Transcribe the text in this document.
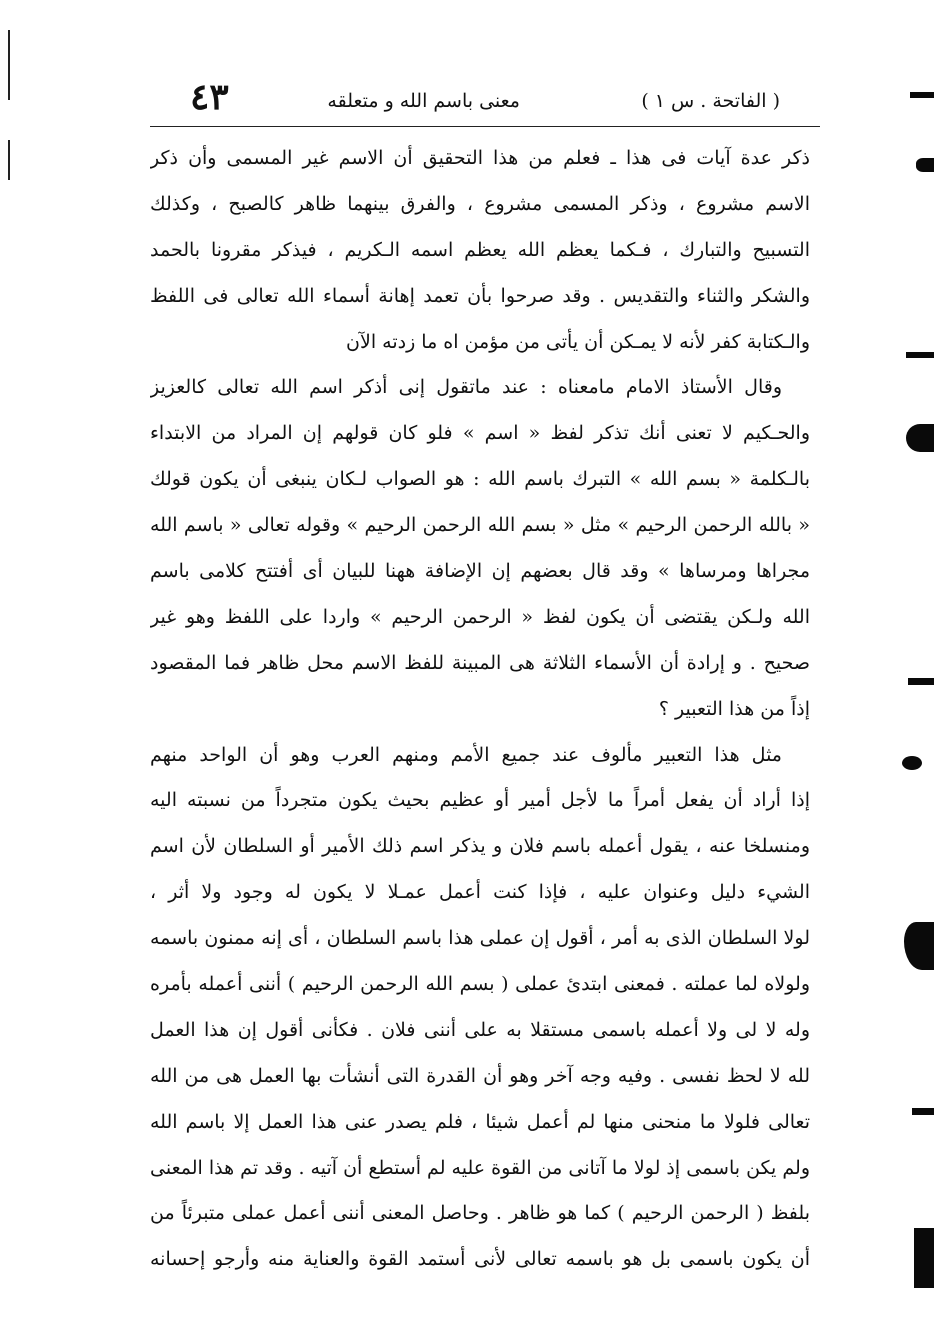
( الفاتحة . س ١ )
معنى باسم الله و متعلقه
٤٣
ذكر عدة آيات فى هذا ـ فعلم من هذا التحقيق أن الاسم غير المسمى وأن ذكر
الاسم مشروع ، وذكر المسمى مشروع ، والفرق بينهما ظاهر كالصبح ، وكذلك
التسبيح والتبارك ، فـكما يعظم الله يعظم اسمه الـكريم ، فيذكر مقرونا بالحمد
والشكر والثناء والتقديس . وقد صرحوا بأن تعمد إهانة أسماء الله تعالى فى اللفظ
والـكتابة كفر لأنه لا يمـكن أن يأتى من مؤمن اه ما زدته الآن
وقال الأستاذ الامام مامعناه : عند ماتقول إنى أذكر اسم الله تعالى كالعزيز
والحـكيم لا تعنى أنك تذكر لفظ « اسم » فلو كان قولهم إن المراد من الابتداء
بالـكلمة « بسم الله » التبرك باسم الله : هو الصواب لـكان ينبغى أن يكون قولك
« بالله الرحمن الرحيم » مثل « بسم الله الرحمن الرحيم » وقوله تعالى « باسم الله
مجراها ومرساها » وقد قال بعضهم إن الإضافة ههنا للبيان أى أفتتح كلامى باسم
الله ولـكن يقتضى أن يكون لفظ « الرحمن الرحيم » واردا على اللفظ وهو غير
صحيح . و إرادة أن الأسماء الثلاثة هى المبينة للفظ الاسم محل ظاهر فما المقصود
إذاً من هذا التعبير ؟
مثل هذا التعبير مألوف عند جميع الأمم ومنهم العرب وهو أن الواحد منهم
إذا أراد أن يفعل أمراً ما لأجل أمير أو عظيم بحيث يكون متجرداً من نسبته اليه
ومنسلخا عنه ، يقول أعمله باسم فلان و يذكر اسم ذلك الأمير أو السلطان لأن اسم
الشيء دليل وعنوان عليه ، فإذا كنت أعمل عمـلا لا يكون له وجود ولا أثر ،
لولا السلطان الذى به أمر ، أقول إن عملى هذا باسم السلطان ، أى إنه ممنون باسمه
ولولاه لما عملته . فمعنى ابتدئ عملى ( بسم الله الرحمن الرحيم ) أننى أعمله بأمره
وله لا لى ولا أعمله باسمى مستقلا به على أننى فلان . فكأنى أقول إن هذا العمل
لله لا لحظ نفسى . وفيه وجه آخر وهو أن القدرة التى أنشأت بها العمل هى من الله
تعالى فلولا ما منحنى منها لم أعمل شيئا ، فلم يصدر عنى هذا العمل إلا باسم الله
ولم يكن باسمى إذ لولا ما آتانى من القوة عليه لم أستطع أن آتيه . وقد تم هذا المعنى
بلفظ ( الرحمن الرحيم ) كما هو ظاهر . وحاصل المعنى أننى أعمل عملى متبرئاً من
أن يكون باسمى بل هو باسمه تعالى لأنى أستمد القوة والعناية منه وأرجو إحسانه
